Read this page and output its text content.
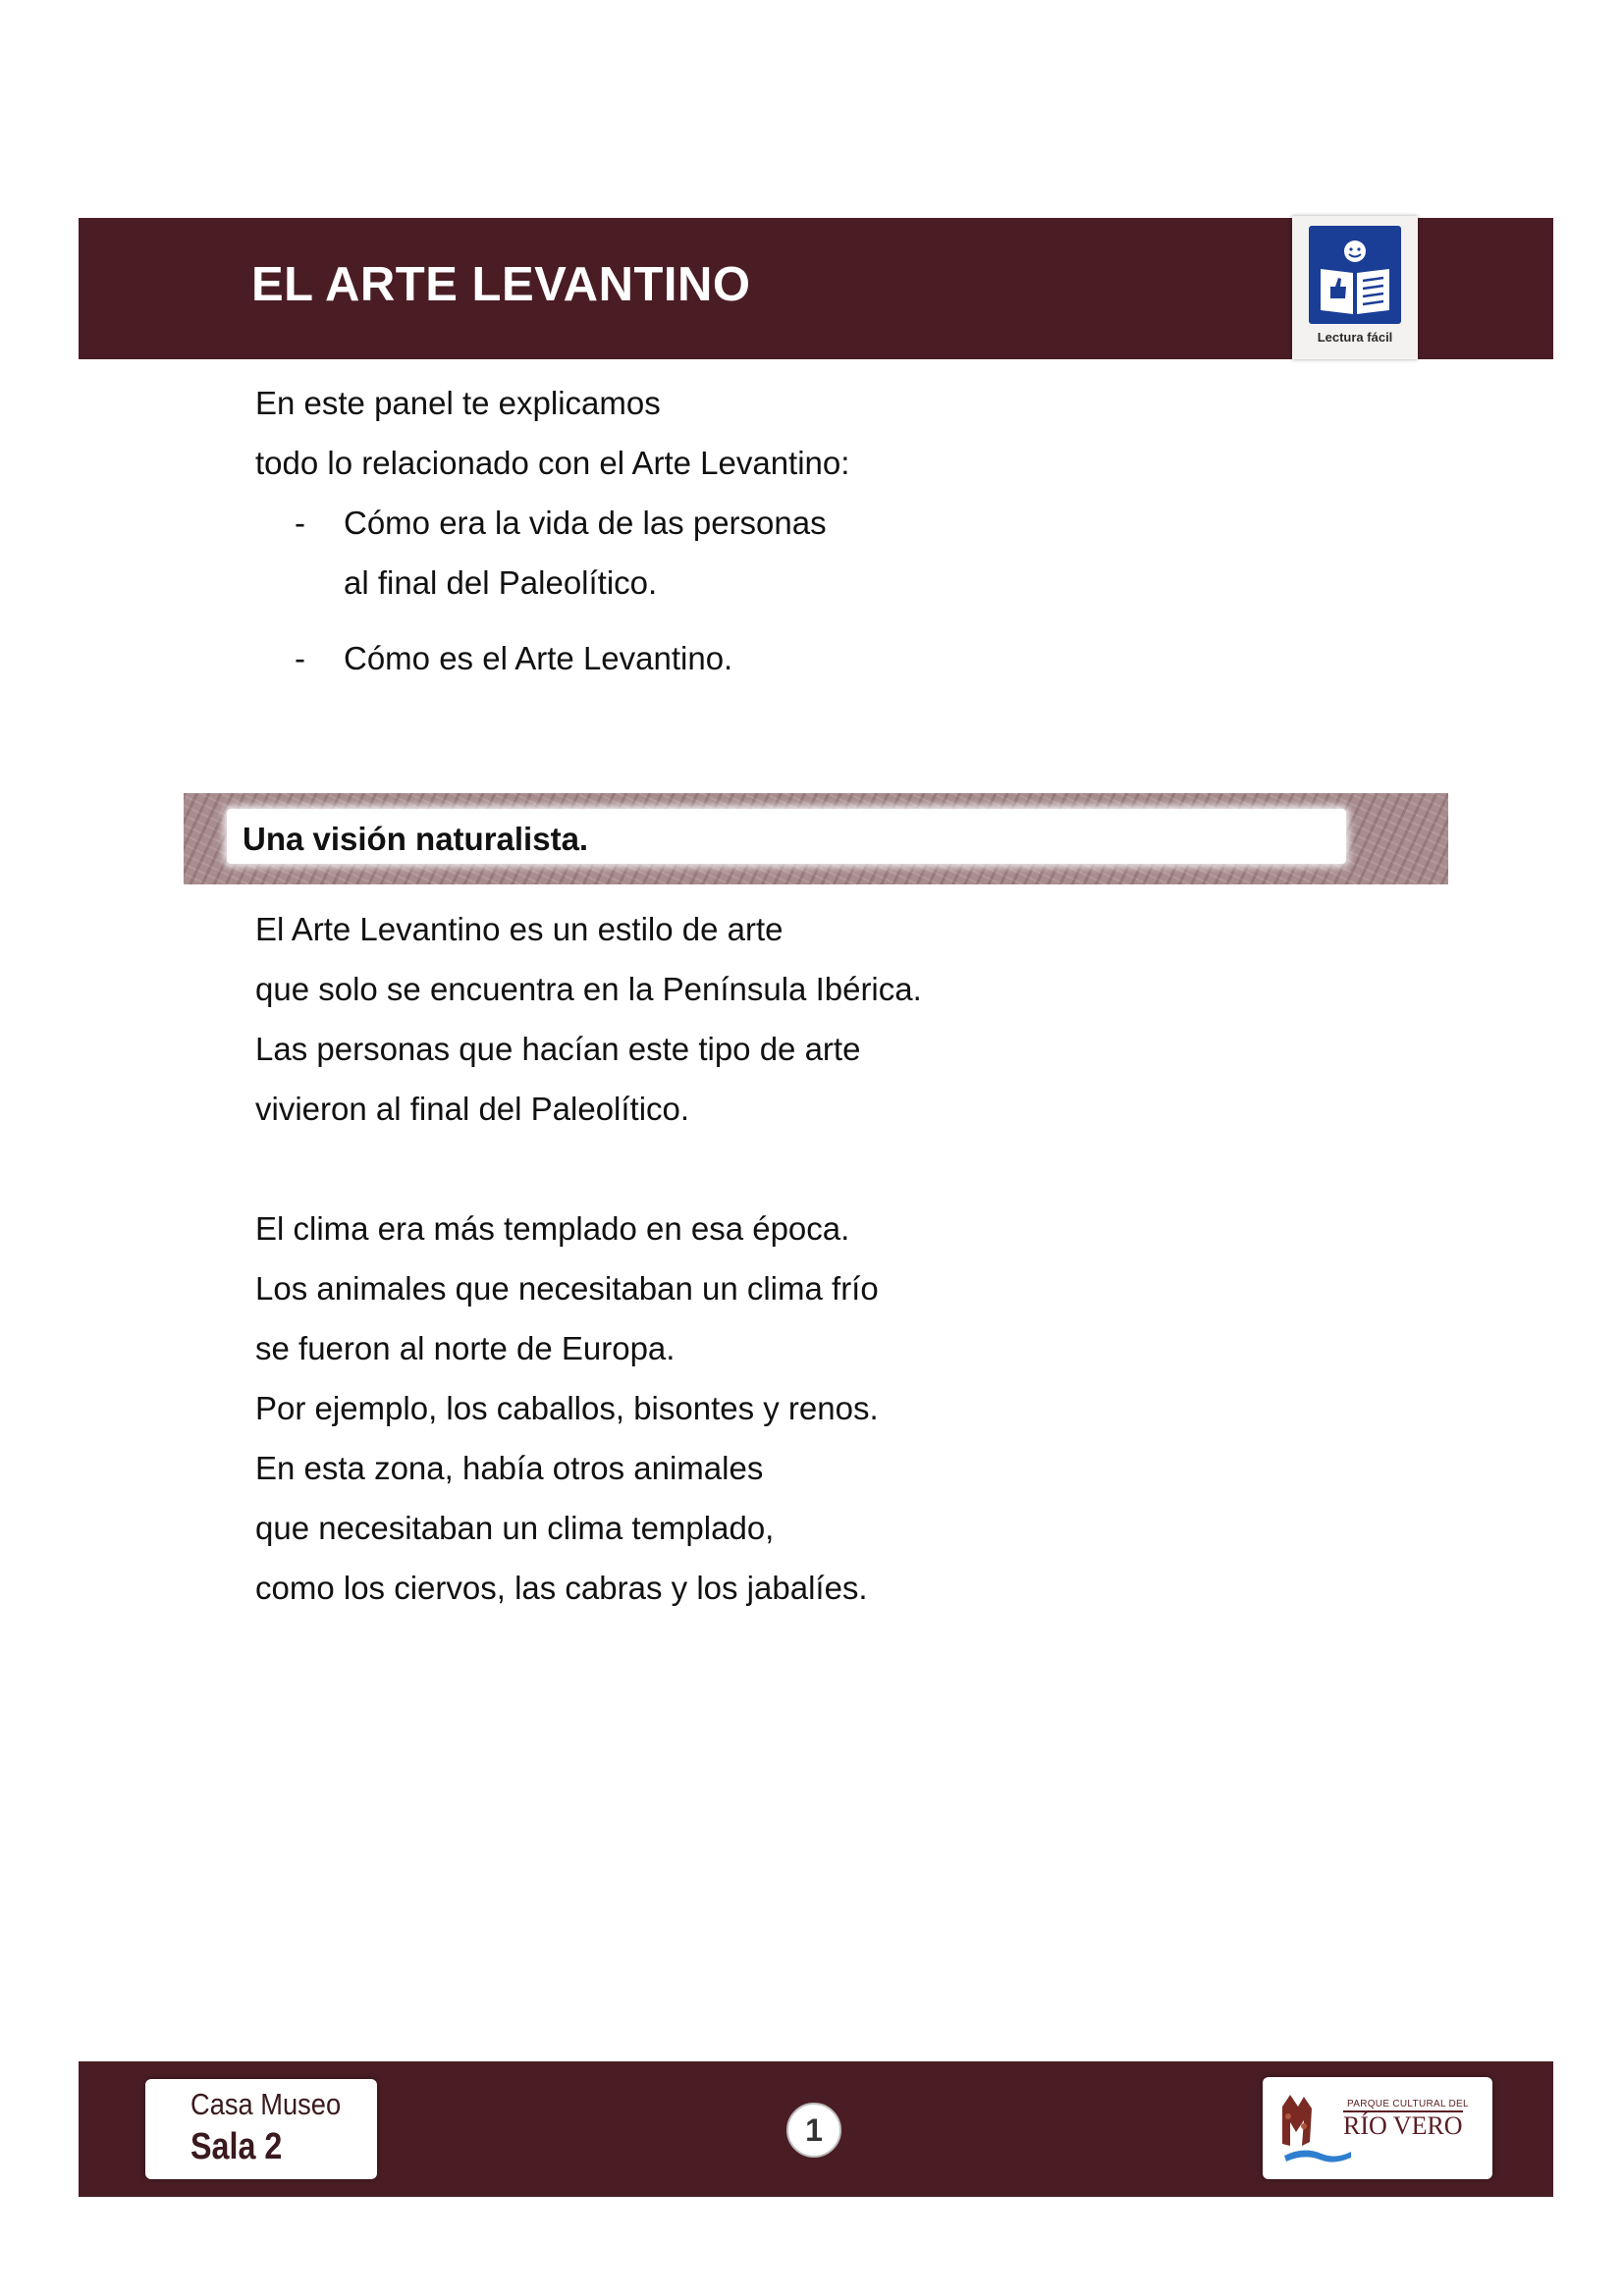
EL ARTE LEVANTINO
Lectura fácil
En este panel te explicamos
todo lo relacionado con el Arte Levantino:
- Cómo era la vida de las personas
al final del Paleolítico.
- Cómo es el Arte Levantino.
Una visión naturalista.
El Arte Levantino es un estilo de arte
que solo se encuentra en la Península Ibérica.
Las personas que hacían este tipo de arte
vivieron al final del Paleolítico.
El clima era más templado en esa época.
Los animales que necesitaban un clima frío
se fueron al norte de Europa.
Por ejemplo, los caballos, bisontes y renos.
En esta zona, había otros animales
que necesitaban un clima templado,
como los ciervos, las cabras y los jabalíes.
Casa Museo
Sala 2	1
PARQUE CULTURAL DEL
RÍO VERO
